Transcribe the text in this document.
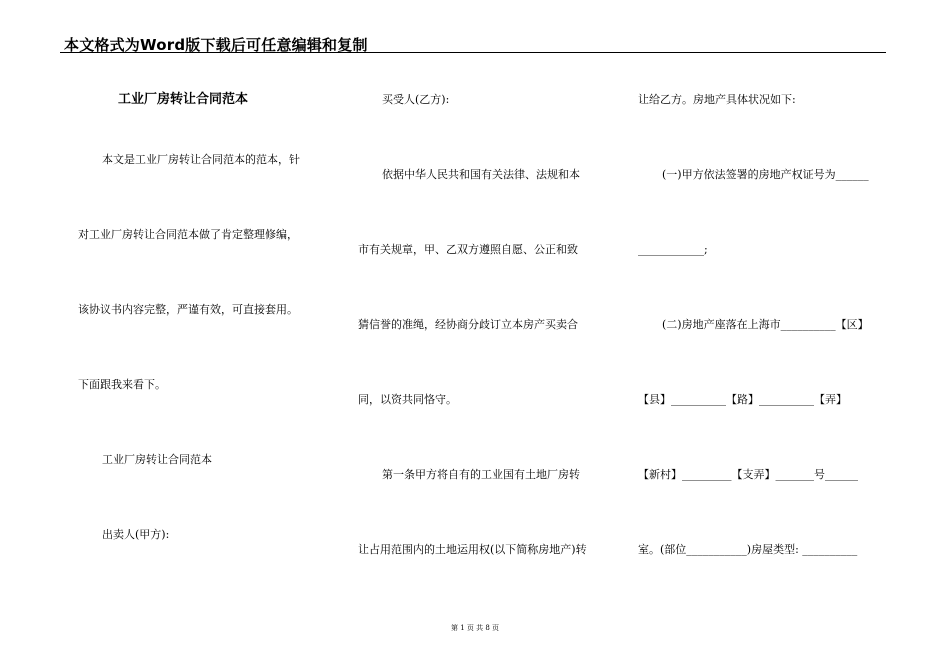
本文格式为Word版下载后可任意编辑和复制
工业厂房转让合同范本
本文是工业厂房转让合同范本的范本，针
对工业厂房转让合同范本做了肯定整理修编，
该协议书内容完整，严谨有效，可直接套用。
下面跟我来看下。
工业厂房转让合同范本
出卖人(甲方):
买受人(乙方):
依据中华人民共和国有关法律、法规和本
市有关规章，甲、乙双方遵照自愿、公正和致
猜信誉的准绳，经协商分歧订立本房产买卖合
同，以资共同恪守。
第一条甲方将自有的工业国有土地厂房转
让占用范围内的土地运用权(以下简称房地产)转
让给乙方。房地产具体状况如下:
(一)甲方依法签署的房地产权证号为______
____________;
(二)房地产座落在上海市__________【区】
【县】__________【路】__________【弄】
【新村】_________【支弄】_______号______
室。(部位___________)房屋类型: __________
第 1 页 共 8 页
